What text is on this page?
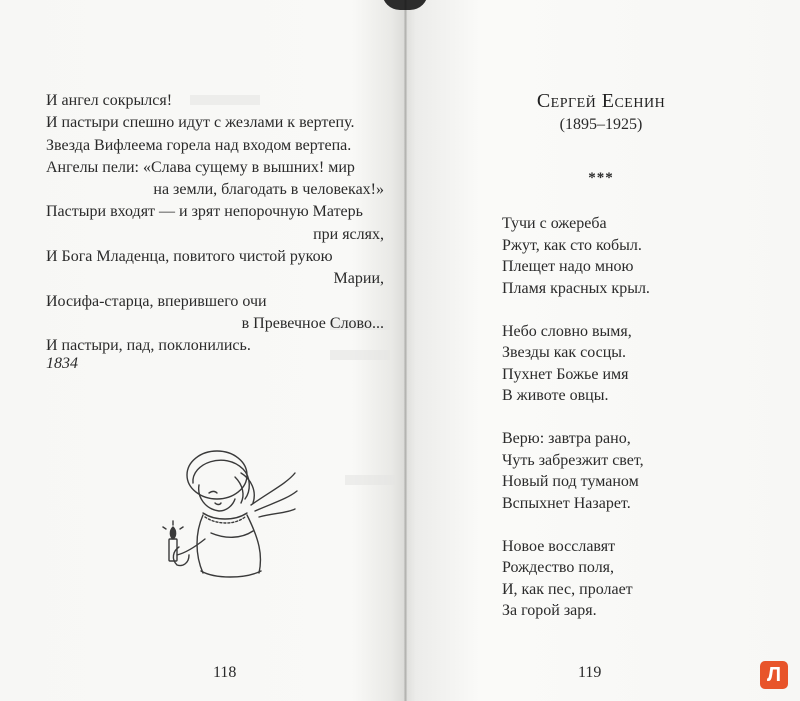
И ангел сокрылся!
И пастыри спешно идут с жезлами к вертепу.
Звезда Вифлеема горела над входом вертепа.
Ангелы пели: «Слава сущему в вышних! мир
на земли, благодать в человеках!»
Пастыри входят — и зрят непорочную Матерь
при яслях,
И Бога Младенца, повитого чистой рукою
Марии,
Иосифа-старца, вперившего очи
в Превечное Слово...
И пастыри, пад, поклонились.
1834
118
Сергей Есенин
(1895–1925)
***
Тучи с ожереба
Ржут, как сто кобыл.
Плещет надо мною
Пламя красных крыл.
Небо словно вымя,
Звезды как сосцы.
Пухнет Божье имя
В животе овцы.
Верю: завтра рано,
Чуть забрезжит свет,
Новый под туманом
Вспыхнет Назарет.
Новое восславят
Рождество поля,
И, как пес, пролает
За горой заря.
119	Л
